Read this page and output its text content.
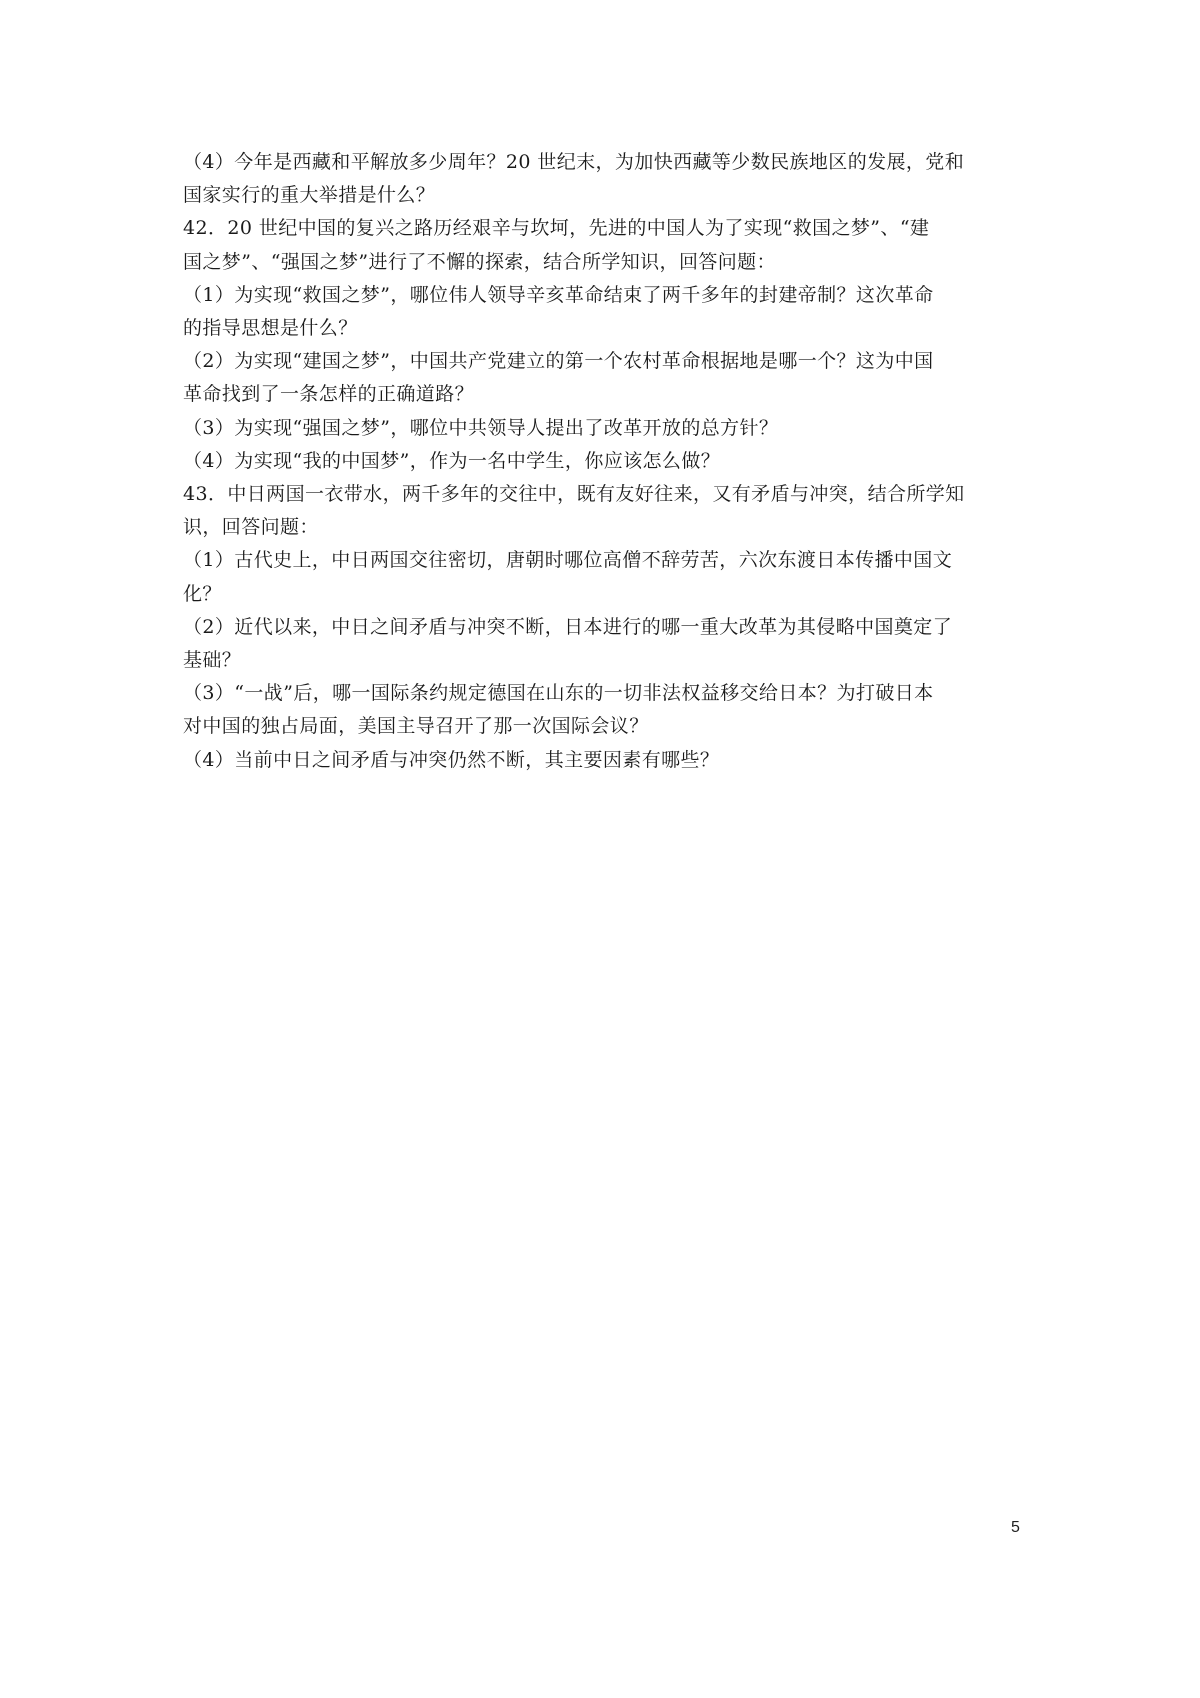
（4）今年是西藏和平解放多少周年？20 世纪末，为加快西藏等少数民族地区的发展，党和
国家实行的重大举措是什么？
42．20 世纪中国的复兴之路历经艰辛与坎坷，先进的中国人为了实现“救国之梦”、“建
国之梦”、“强国之梦”进行了不懈的探索，结合所学知识，回答问题：
（1）为实现“救国之梦”，哪位伟人领导辛亥革命结束了两千多年的封建帝制？这次革命
的指导思想是什么？
（2）为实现“建国之梦”，中国共产党建立的第一个农村革命根据地是哪一个？这为中国
革命找到了一条怎样的正确道路？
（3）为实现“强国之梦”，哪位中共领导人提出了改革开放的总方针？
（4）为实现“我的中国梦”，作为一名中学生，你应该怎么做？
43．中日两国一衣带水，两千多年的交往中，既有友好往来，又有矛盾与冲突，结合所学知
识，回答问题：
（1）古代史上，中日两国交往密切，唐朝时哪位高僧不辞劳苦，六次东渡日本传播中国文
化？
（2）近代以来，中日之间矛盾与冲突不断，日本进行的哪一重大改革为其侵略中国奠定了
基础？
（3）“一战”后，哪一国际条约规定德国在山东的一切非法权益移交给日本？为打破日本
对中国的独占局面，美国主导召开了那一次国际会议？
（4）当前中日之间矛盾与冲突仍然不断，其主要因素有哪些？
5
